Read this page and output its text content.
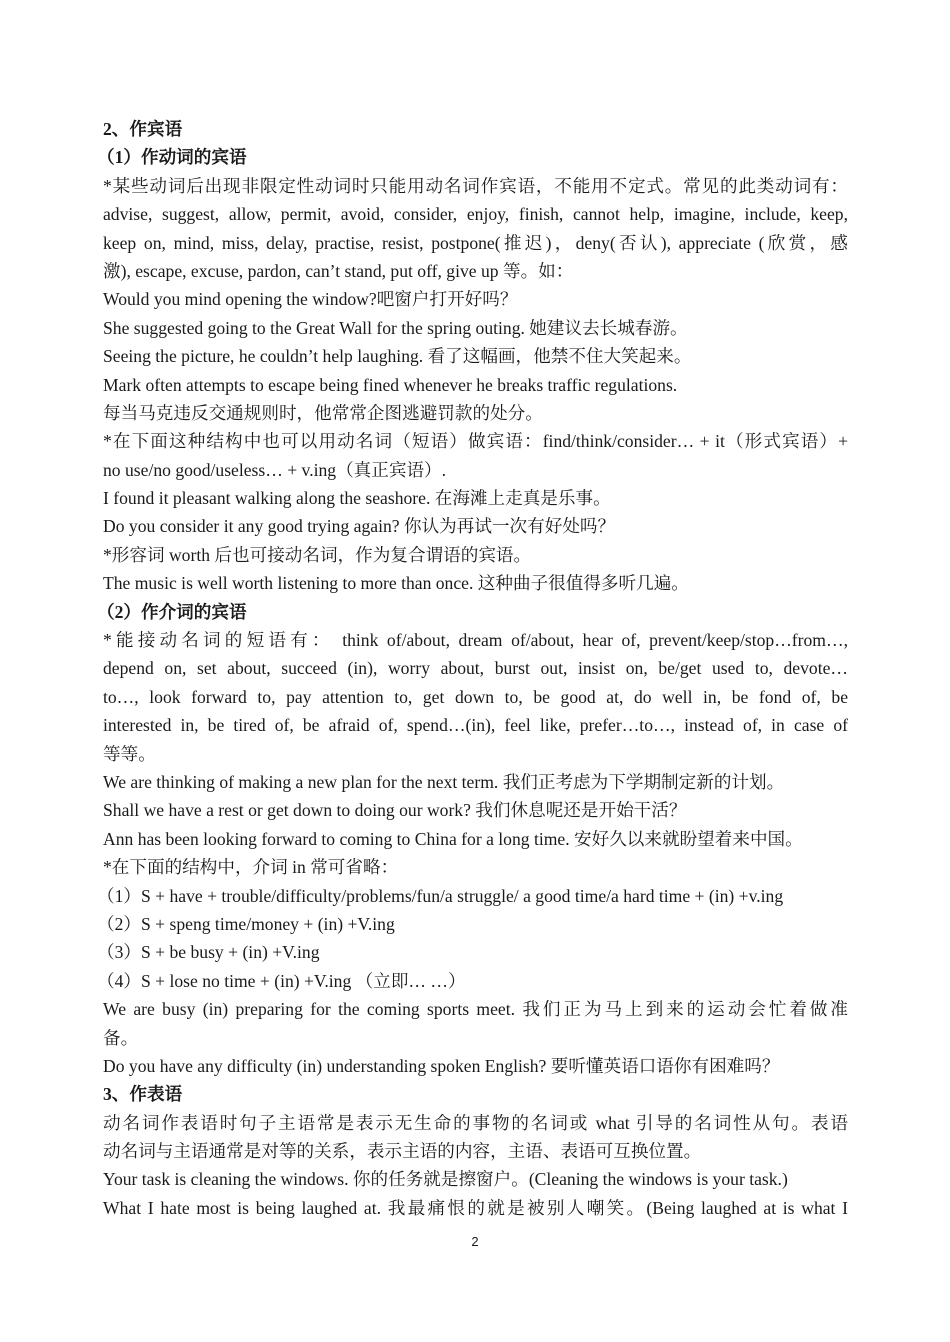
2、作宾语
（1）作动词的宾语
*某些动词后出现非限定性动词时只能用动名词作宾语，不能用不定式。常见的此类动词有：
advise, suggest, allow, permit, avoid, consider, enjoy, finish, cannot help, imagine, include, keep,
keep on, mind, miss, delay, practise, resist, postpone(推迟)，deny(否认), appreciate (欣赏，感
激), escape, excuse, pardon, can’t stand, put off, give up 等。如：
Would you mind opening the window?吧窗户打开好吗？
She suggested going to the Great Wall for the spring outing. 她建议去长城春游。
Seeing the picture, he couldn’t help laughing. 看了这幅画，他禁不住大笑起来。
Mark often attempts to escape being fined whenever he breaks traffic regulations.
每当马克违反交通规则时，他常常企图逃避罚款的处分。
*在下面这种结构中也可以用动名词（短语）做宾语：find/think/consider… + it（形式宾语）+
no use/no good/useless… + v.ing（真正宾语）.
I found it pleasant walking along the seashore. 在海滩上走真是乐事。
Do you consider it any good trying again? 你认为再试一次有好处吗？
*形容词 worth 后也可接动名词，作为复合谓语的宾语。
The music is well worth listening to more than once. 这种曲子很值得多听几遍。
（2）作介词的宾语
*能接动名词的短语有： think of/about, dream of/about, hear of, prevent/keep/stop…from…,
depend on, set about, succeed (in), worry about, burst out, insist on, be/get used to, devote…
to…, look forward to, pay attention to, get down to, be good at, do well in, be fond of, be
interested in, be tired of, be afraid of, spend…(in), feel like, prefer…to…, instead of, in case of
等等。
We are thinking of making a new plan for the next term. 我们正考虑为下学期制定新的计划。
Shall we have a rest or get down to doing our work? 我们休息呢还是开始干活？
Ann has been looking forward to coming to China for a long time. 安好久以来就盼望着来中国。
*在下面的结构中，介词 in 常可省略：
（1）S + have + trouble/difficulty/problems/fun/a struggle/ a good time/a hard time + (in) +v.ing
（2）S + speng time/money + (in) +V.ing
（3）S + be busy + (in) +V.ing
（4）S + lose no time + (in) +V.ing （立即… …）
We are busy (in) preparing for the coming sports meet. 我们正为马上到来的运动会忙着做准
备。
Do you have any difficulty (in) understanding spoken English? 要听懂英语口语你有困难吗？
3、作表语
动名词作表语时句子主语常是表示无生命的事物的名词或 what 引导的名词性从句。表语
动名词与主语通常是对等的关系，表示主语的内容，主语、表语可互换位置。
Your task is cleaning the windows. 你的任务就是擦窗户。(Cleaning the windows is your task.)
What I hate most is being laughed at. 我最痛恨的就是被别人嘲笑。(Being laughed at is what I
2
